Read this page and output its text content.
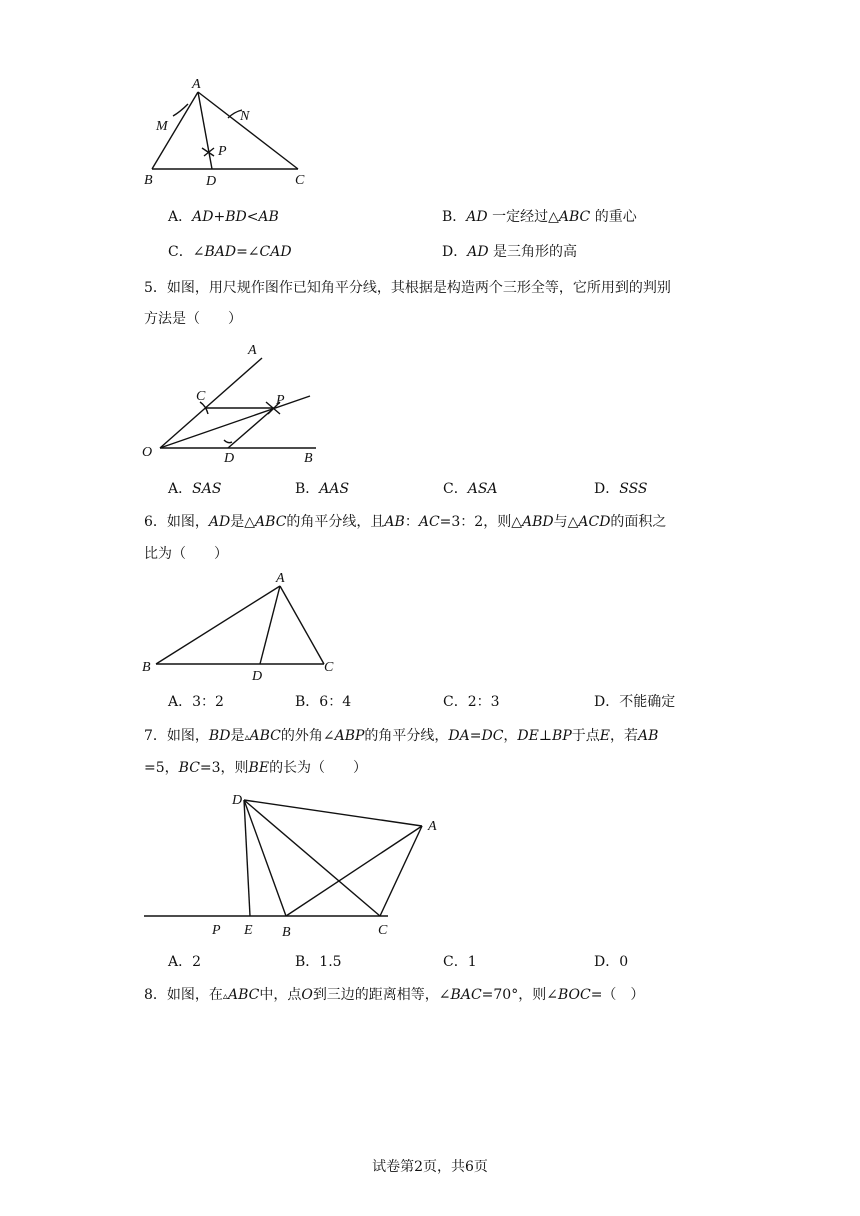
A
M
N
P
B	D	C
A．AD+BD<AB	B．AD 一定经过△ABC 的重心
C．∠BAD=∠CAD	D．AD 是三角形的高
5．如图，用尺规作图作已知角平分线，其根据是构造两个三形全等，它所用到的判别
方法是（　　）
A
C	P
O	D	B
A．SAS	B．AAS	C．ASA	D．SSS
6．如图，AD是△ABC的角平分线，且AB：AC=3：2，则△ABD与△ACD的面积之
比为（　　）
A
B
D
C
A．3：2	B．6：4	C．2：3	D．不能确定
7．如图，BD是▵ABC的外角∠ABP的角平分线，DA=DC，DE⊥BP于点E，若AB
=5，BC=3，则BE的长为（　　）
D
A
P E B	C
A．2	B．1.5	C．1	D．0
8．如图，在▵ABC中，点O到三边的距离相等，∠BAC=70°，则∠BOC=（　）
试卷第2页，共6页
